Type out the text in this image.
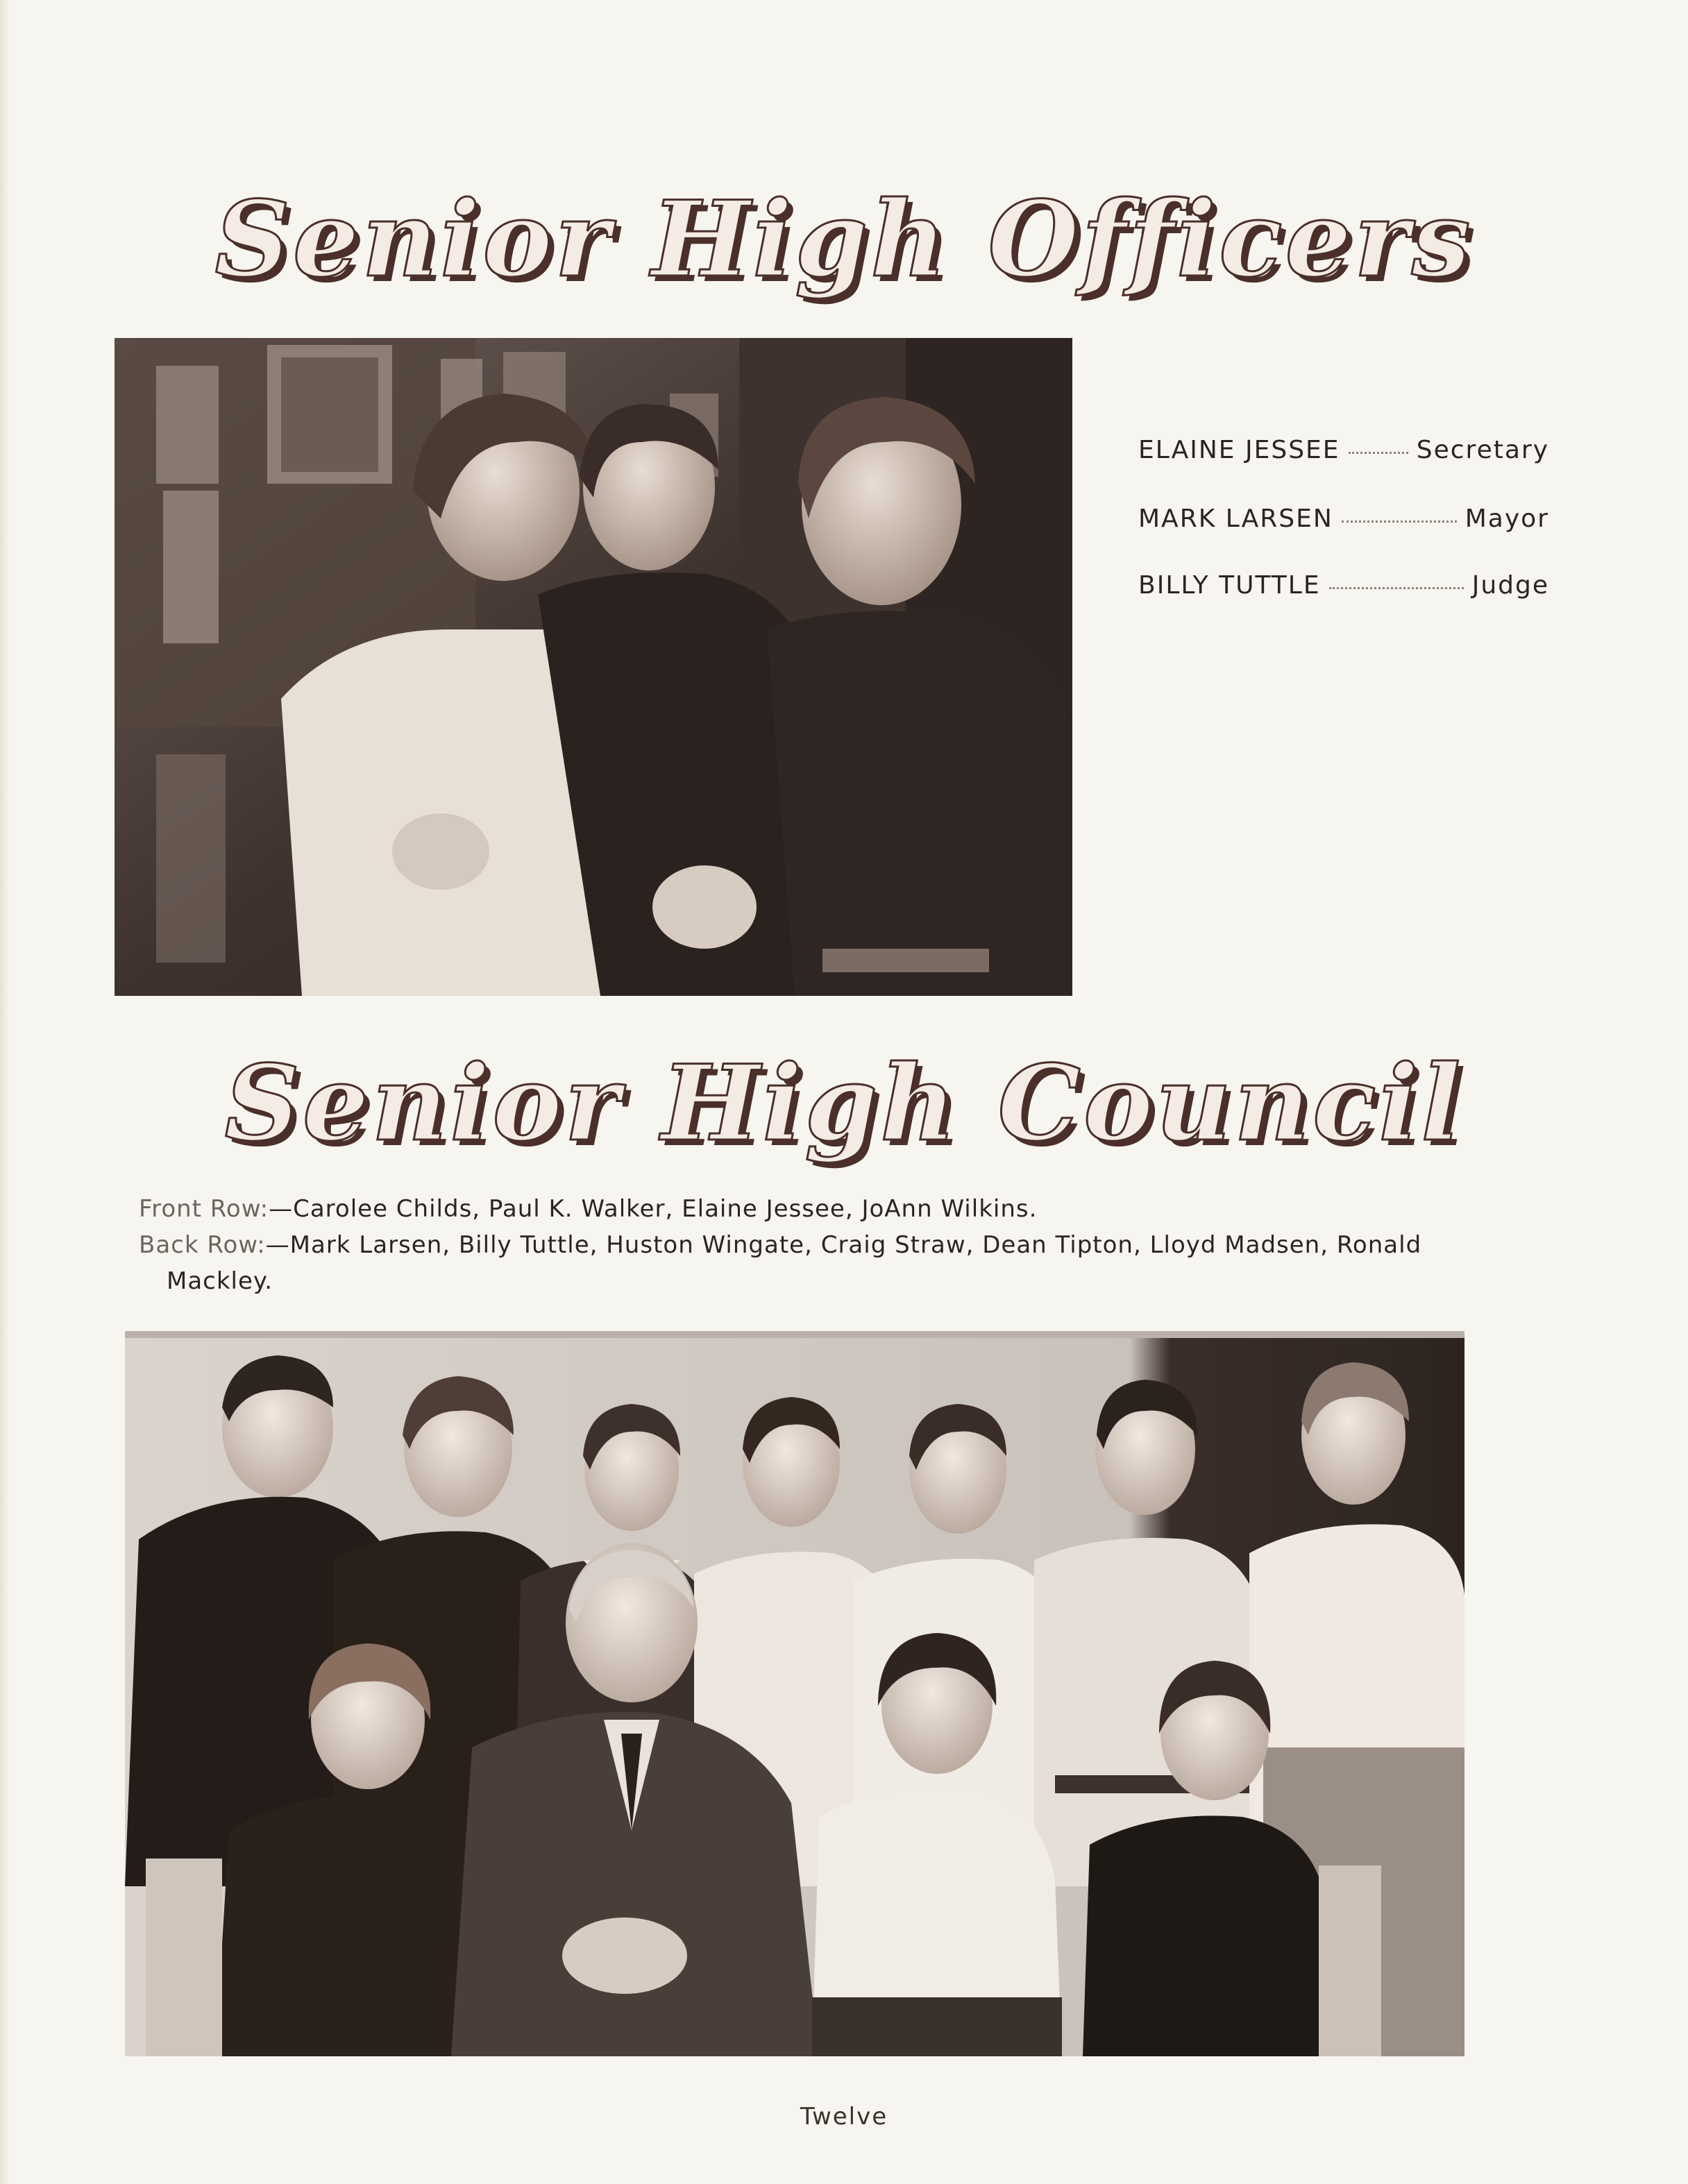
Senior High Officers
ELAINE JESSEE	Secretary
MARK LARSEN	Mayor
BILLY TUTTLE	Judge
Senior High Council
Front Row:—Carolee Childs, Paul K. Walker, Elaine Jessee, JoAnn Wilkins.
Back Row:—Mark Larsen, Billy Tuttle, Huston Wingate, Craig Straw, Dean Tipton, Lloyd Madsen, Ronald
Mackley.
Twelve
